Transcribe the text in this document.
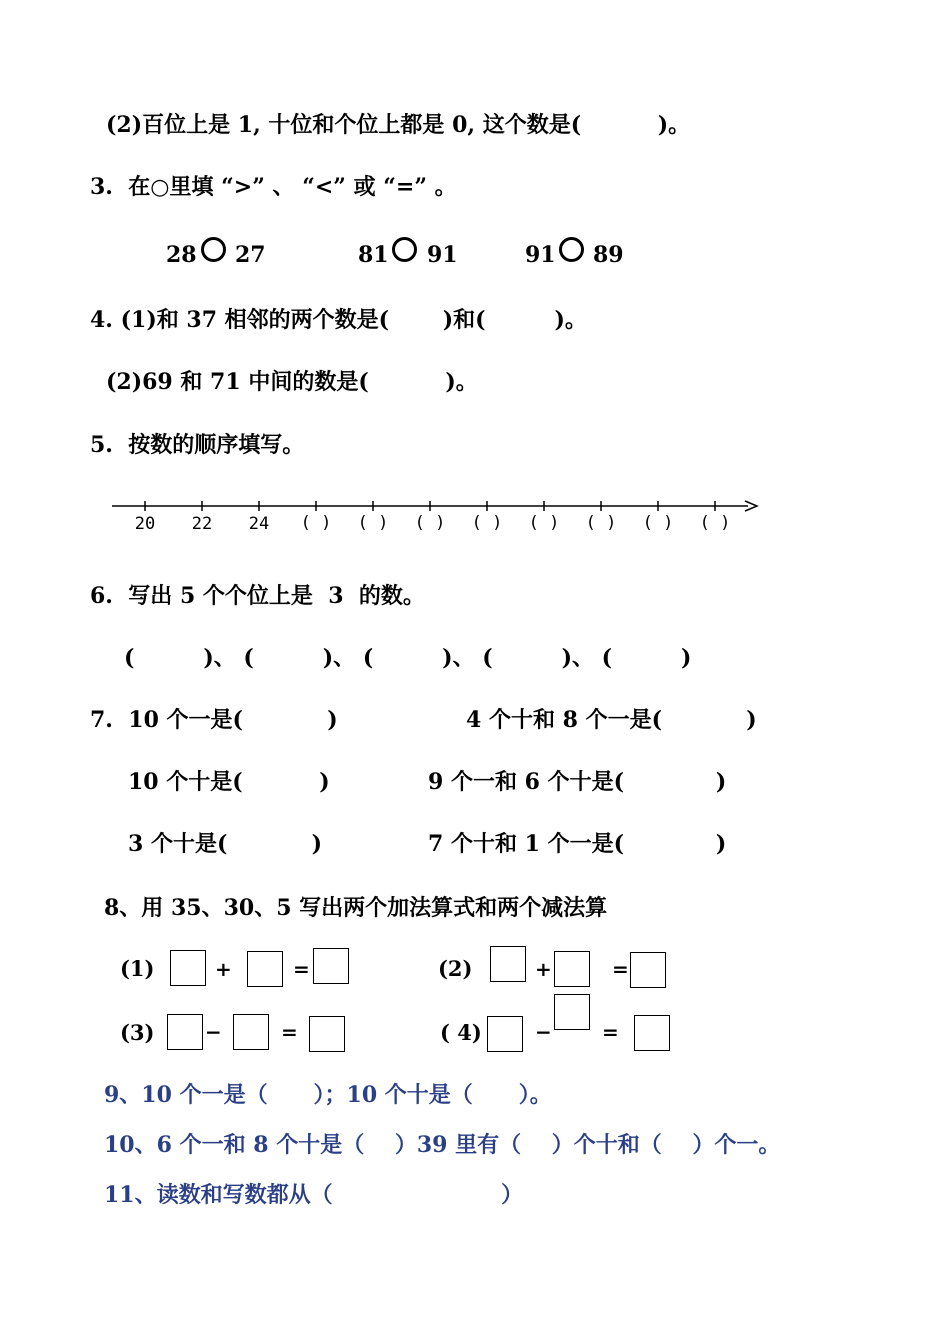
(2)百位上是 1, 十位和个位上都是 0, 这个数是(          )。
3.  在○里填 “>” 、 “<” 或 “=” 。
28 27	81 91	91 89
4. (1)和 37 相邻的两个数是(       )和(         )。
(2)69 和 71 中间的数是(          )。
5.  按数的顺序填写。
20 22 24 ( ) ( ) ( ) ( ) ( ) ( ) ( ) ( )
6.  写出 5 个个位上是  3  的数。
(         )、 (         )、 (         )、 (         )、 (         )
7.  10 个一是(           )	4 个十和 8 个一是(           )
10 个十是(          )	9 个一和 6 个十是(            )
3 个十是(           )	7 个十和 1 个一是(            )
8、用 35、30、5 写出两个加法算式和两个减法算
(1)	+	=	(2)	+	=
(3)	−	=	( 4)	−	=
9、10 个一是（      ）；10 个十是（      ）。
10、6 个一和 8 个十是（    ）39 里有（    ）个十和（    ）个一。
11、读数和写数都从（                      ）
